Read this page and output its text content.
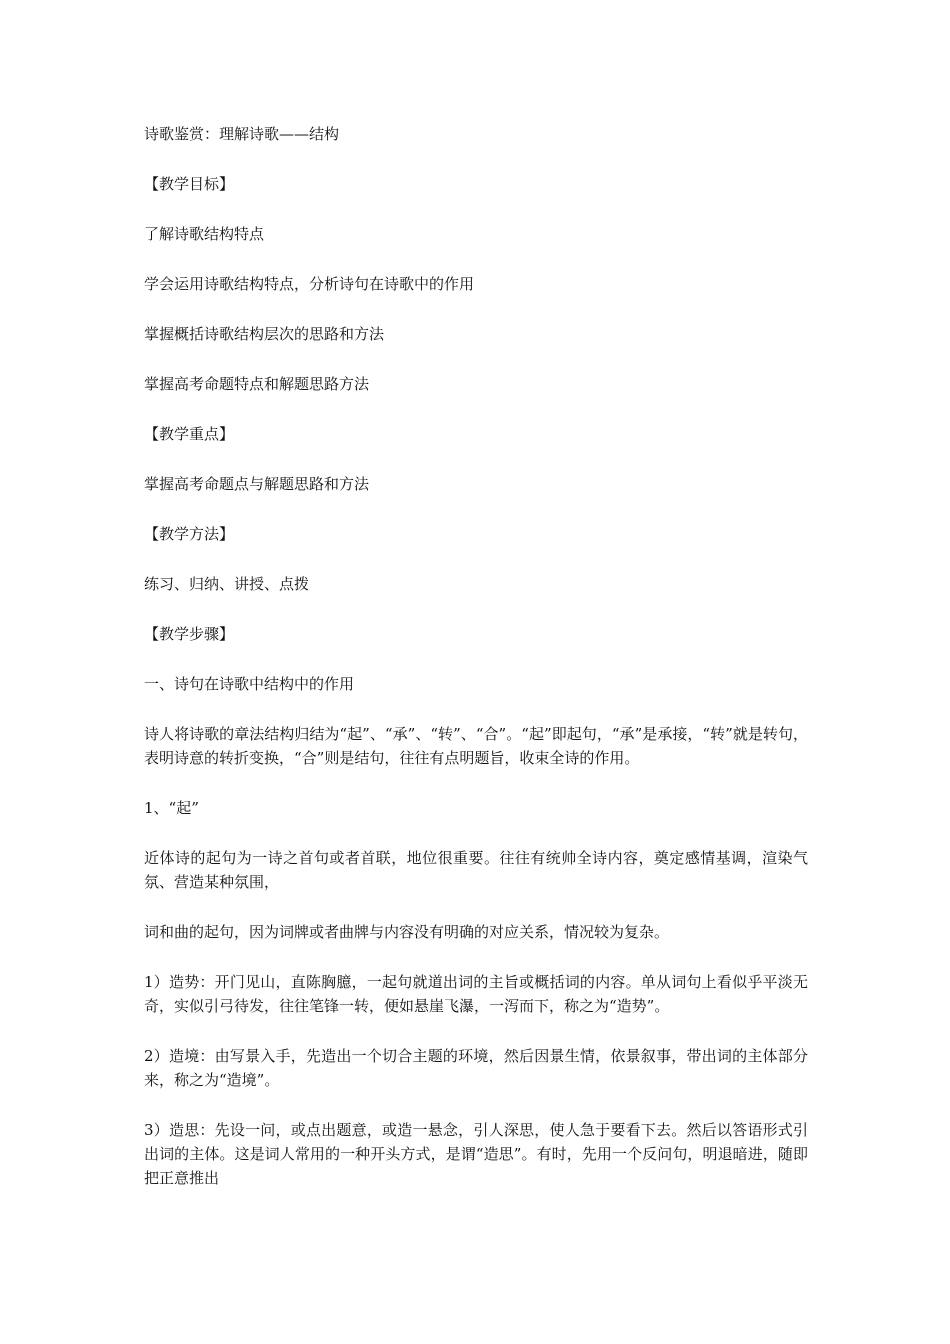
诗歌鉴赏：理解诗歌——结构

【教学目标】

了解诗歌结构特点

学会运用诗歌结构特点，分析诗句在诗歌中的作用

掌握概括诗歌结构层次的思路和方法

掌握高考命题特点和解题思路方法

【教学重点】

掌握高考命题点与解题思路和方法

【教学方法】

练习、归纳、讲授、点拨

【教学步骤】

一、诗句在诗歌中结构中的作用

诗人将诗歌的章法结构归结为“起”、“承”、“转”、“合”。“起”即起句，“承”是承接，“转”就是转句，表明诗意的转折变换，“合”则是结句，往往有点明题旨，收束全诗的作用。

1、“起”

近体诗的起句为一诗之首句或者首联，地位很重要。往往有统帅全诗内容，奠定感情基调，渲染气氛、营造某种氛围，

词和曲的起句，因为词牌或者曲牌与内容没有明确的对应关系，情况较为复杂。

1）造势：开门见山，直陈胸臆，一起句就道出词的主旨或概括词的内容。单从词句上看似乎平淡无奇，实似引弓待发，往往笔锋一转，便如悬崖飞瀑，一泻而下，称之为“造势”。

2）造境：由写景入手，先造出一个切合主题的环境，然后因景生情，依景叙事，带出词的主体部分来，称之为“造境”。

3）造思：先设一问，或点出题意，或造一悬念，引人深思，使人急于要看下去。然后以答语形式引出词的主体。这是词人常用的一种开头方式，是谓“造思”。有时，先用一个反问句，明退暗进，随即把正意推出
